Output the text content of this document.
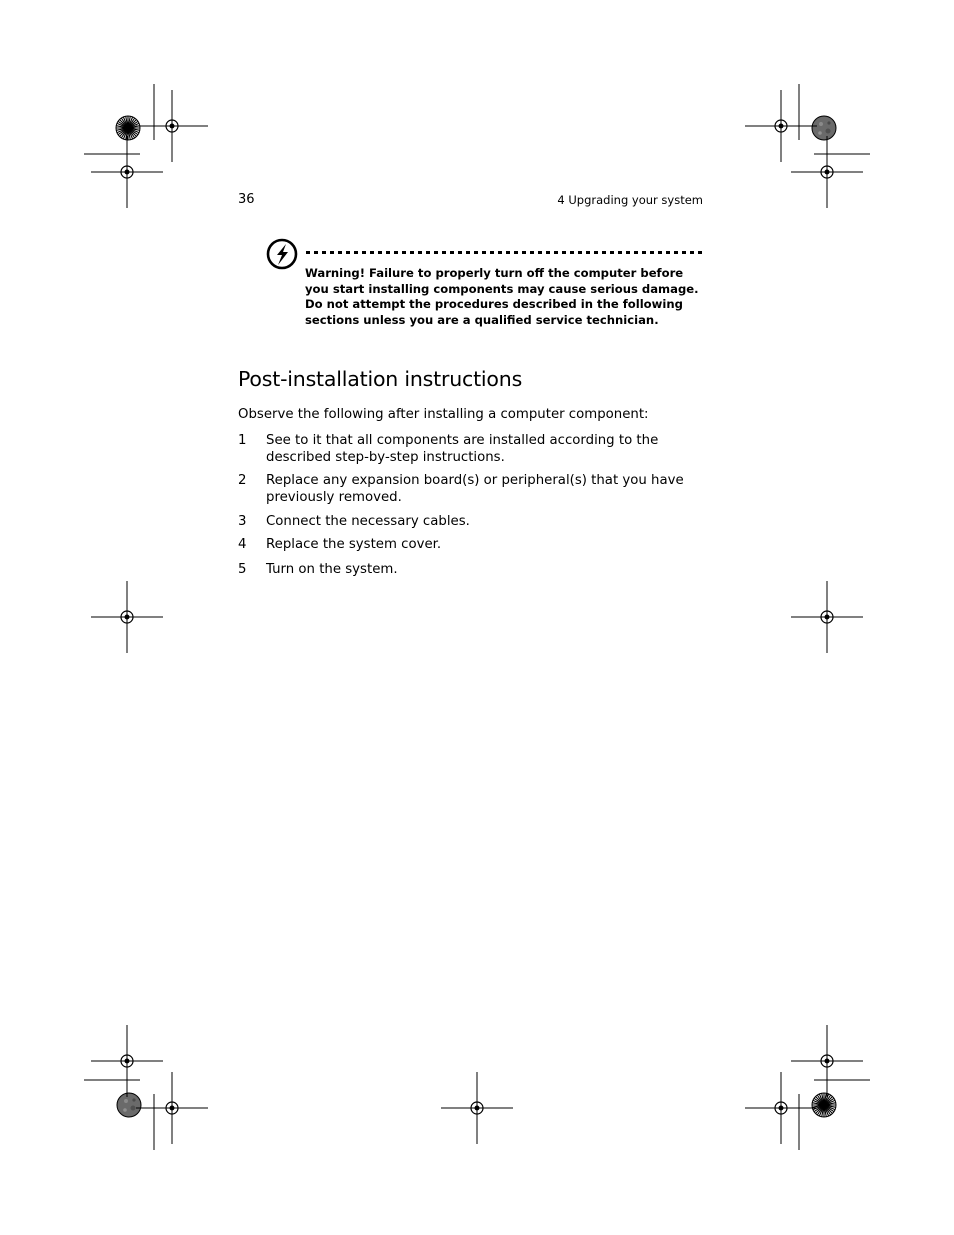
36	4 Upgrading your system

Warning! Failure to properly turn off the computer before you start installing components may cause serious damage.

Do not attempt the procedures described in the following sections unless you are a qualified service technician.

Post-installation instructions

Observe the following after installing a computer component:

1 See to it that all components are installed according to the described step-by-step instructions.
2 Replace any expansion board(s) or peripheral(s) that you have previously removed.
3 Connect the necessary cables.
4 Replace the system cover.
5 Turn on the system.
